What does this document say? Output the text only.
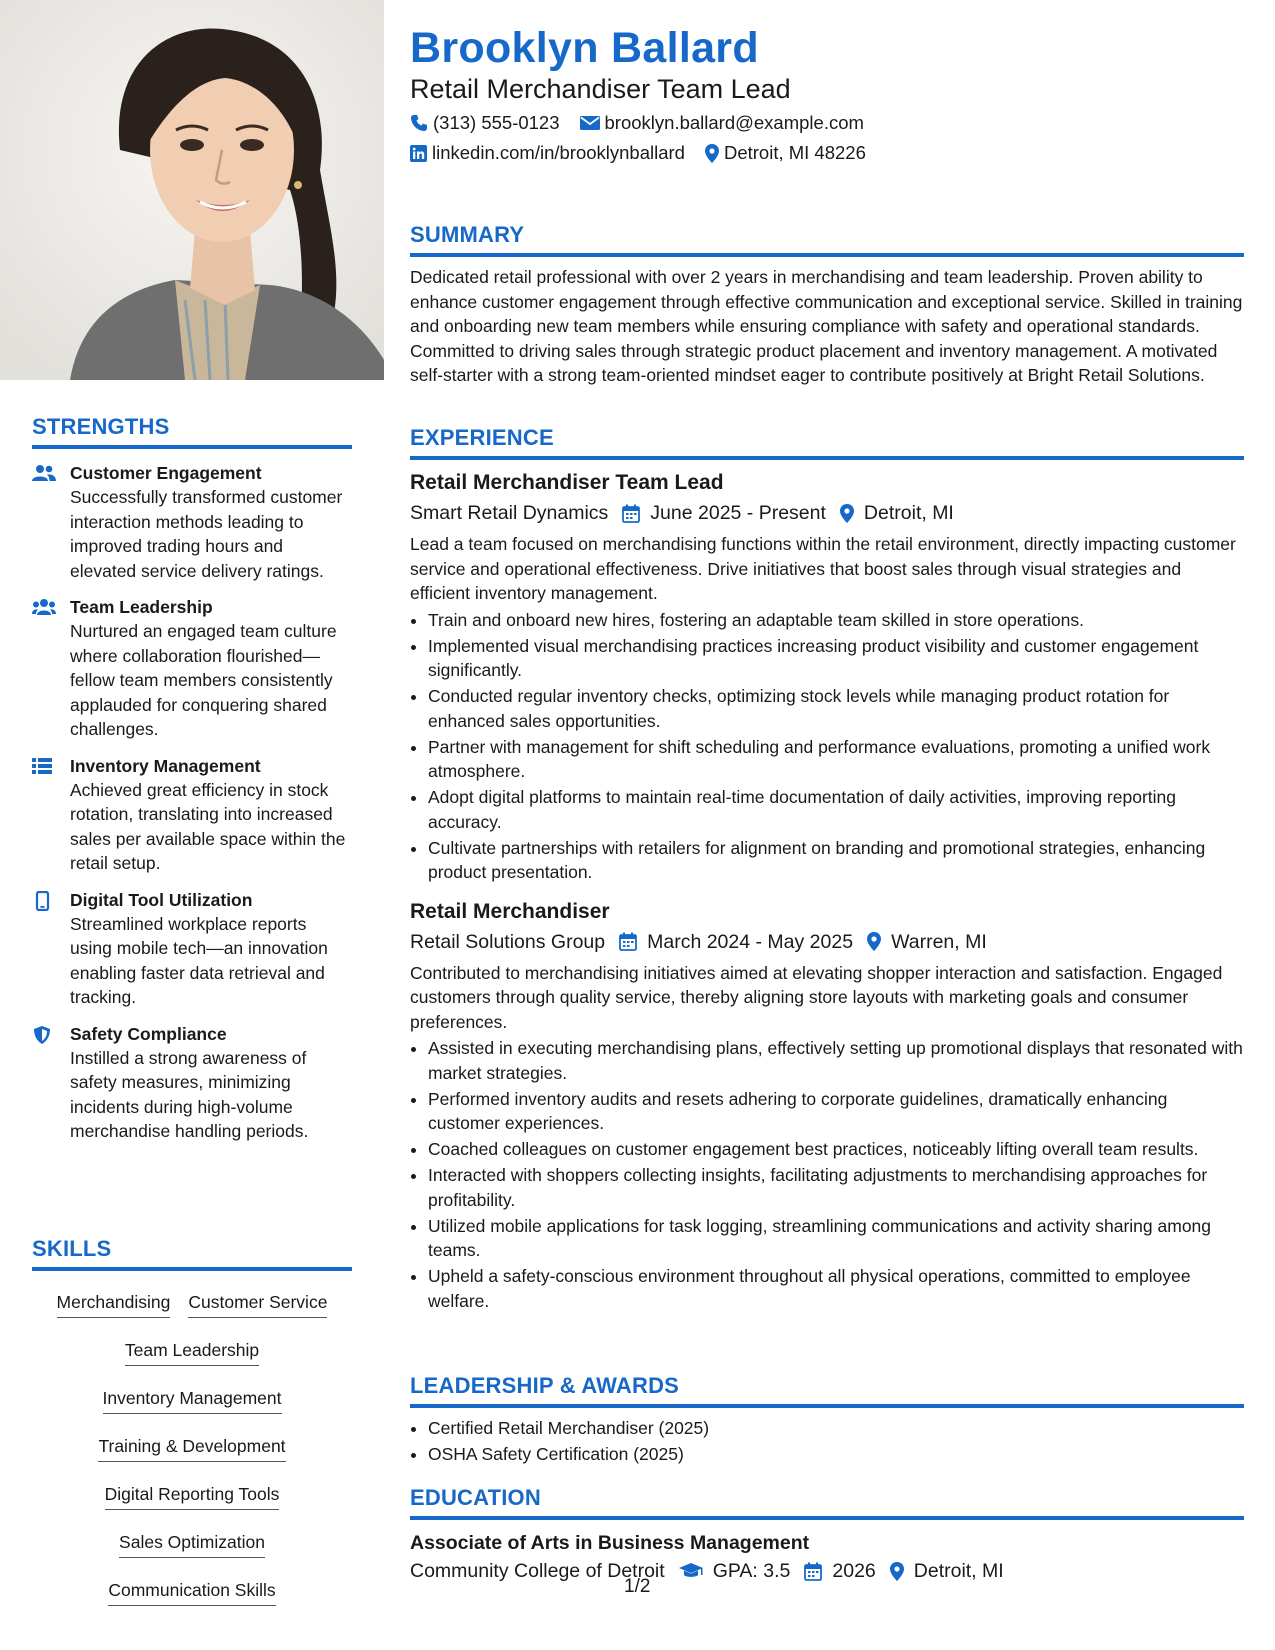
STRENGTHS
Customer Engagement
Successfully transformed customer interaction methods leading to improved trading hours and elevated service delivery ratings.
Team Leadership
Nurtured an engaged team culture where collaboration flourished—fellow team members consistently applauded for conquering shared challenges.
Inventory Management
Achieved great efficiency in stock rotation, translating into increased sales per available space within the retail setup.
Digital Tool Utilization
Streamlined workplace reports using mobile tech—an innovation enabling faster data retrieval and tracking.
Safety Compliance
Instilled a strong awareness of safety measures, minimizing incidents during high-volume merchandise handling periods.
SKILLS
Merchandising Customer Service
Team Leadership
Inventory Management
Training & Development
Digital Reporting Tools
Sales Optimization
Communication Skills
Brooklyn Ballard
Retail Merchandiser Team Lead
(313) 555-0123 brooklyn.ballard@example.com
linkedin.com/in/brooklynballard Detroit, MI 48226
SUMMARY

Dedicated retail professional with over 2 years in merchandising and team leadership. Proven ability to enhance customer engagement through effective communication and exceptional service. Skilled in training and onboarding new team members while ensuring compliance with safety and operational standards. Committed to driving sales through strategic product placement and inventory management. A motivated self-starter with a strong team-oriented mindset eager to contribute positively at Bright Retail Solutions.

EXPERIENCE
Retail Merchandiser Team Lead
Smart Retail Dynamics June 2025 - Present Detroit, MI
Lead a team focused on merchandising functions within the retail environment, directly impacting customer service and operational effectiveness. Drive initiatives that boost sales through visual strategies and efficient inventory management.
• Train and onboard new hires, fostering an adaptable team skilled in store operations.
• Implemented visual merchandising practices increasing product visibility and customer engagement significantly.
• Conducted regular inventory checks, optimizing stock levels while managing product rotation for enhanced sales opportunities.
• Partner with management for shift scheduling and performance evaluations, promoting a unified work atmosphere.
• Adopt digital platforms to maintain real-time documentation of daily activities, improving reporting accuracy.
• Cultivate partnerships with retailers for alignment on branding and promotional strategies, enhancing product presentation.
Retail Merchandiser
Retail Solutions Group March 2024 - May 2025 Warren, MI
Contributed to merchandising initiatives aimed at elevating shopper interaction and satisfaction. Engaged customers through quality service, thereby aligning store layouts with marketing goals and consumer preferences.
• Assisted in executing merchandising plans, effectively setting up promotional displays that resonated with market strategies.
• Performed inventory audits and resets adhering to corporate guidelines, dramatically enhancing customer experiences.
• Coached colleagues on customer engagement best practices, noticeably lifting overall team results.
• Interacted with shoppers collecting insights, facilitating adjustments to merchandising approaches for profitability.
• Utilized mobile applications for task logging, streamlining communications and activity sharing among teams.
• Upheld a safety-conscious environment throughout all physical operations, committed to employee welfare.
LEADERSHIP & AWARDS
• Certified Retail Merchandiser (2025)
• OSHA Safety Certification (2025)
EDUCATION
Associate of Arts in Business Management
Community College of Detroit GPA: 3.5 2026 Detroit, MI
1/2
